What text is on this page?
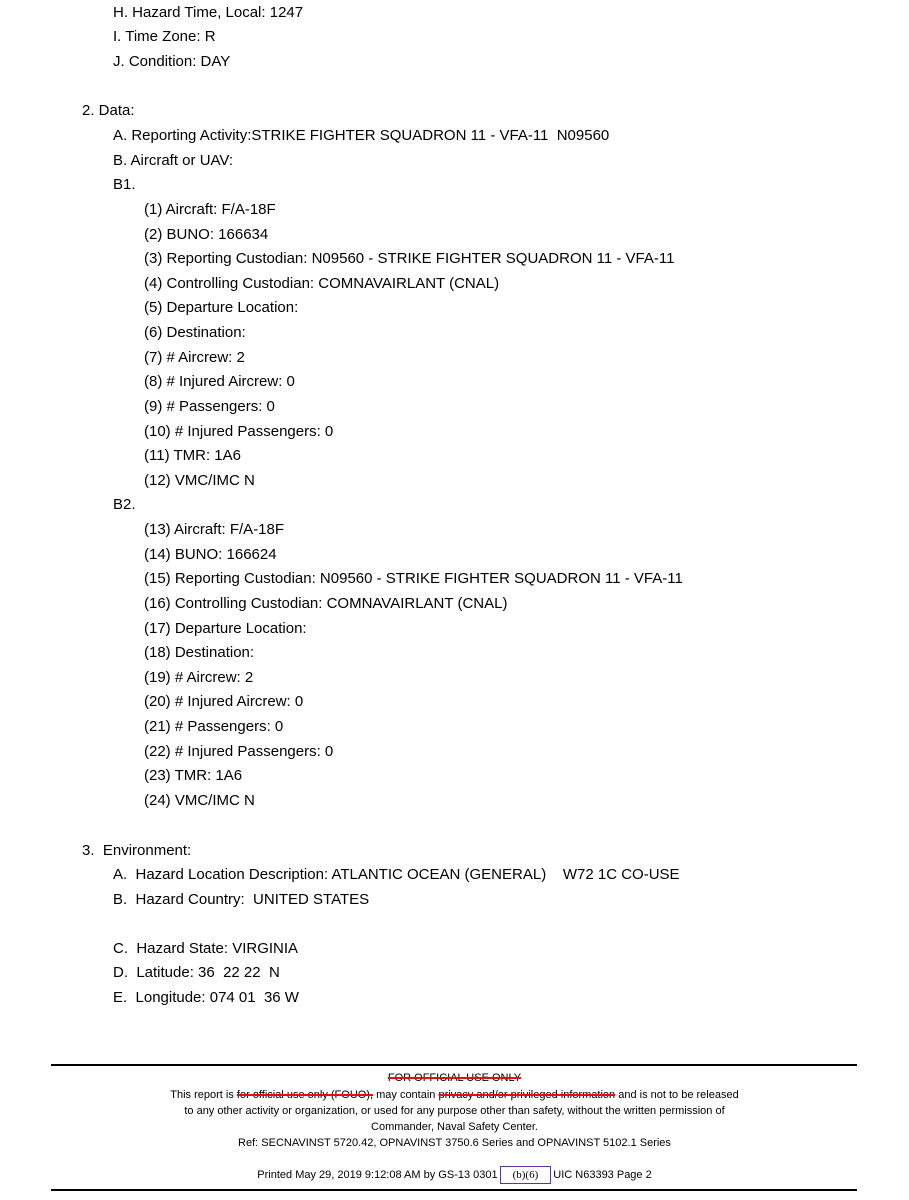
H. Hazard Time, Local: 1247
I. Time Zone: R
J. Condition: DAY
2. Data:
A. Reporting Activity:STRIKE FIGHTER SQUADRON 11 - VFA-11  N09560
B. Aircraft or UAV:
B1.
(1) Aircraft: F/A-18F
(2) BUNO: 166634
(3) Reporting Custodian: N09560 - STRIKE FIGHTER SQUADRON 11 - VFA-11
(4) Controlling Custodian: COMNAVAIRLANT (CNAL)
(5) Departure Location:
(6) Destination:
(7) # Aircrew: 2
(8) # Injured Aircrew: 0
(9) # Passengers: 0
(10) # Injured Passengers: 0
(11) TMR: 1A6
(12) VMC/IMC N
B2.
(13) Aircraft: F/A-18F
(14) BUNO: 166624
(15) Reporting Custodian: N09560 - STRIKE FIGHTER SQUADRON 11 - VFA-11
(16) Controlling Custodian: COMNAVAIRLANT (CNAL)
(17) Departure Location:
(18) Destination:
(19) # Aircrew: 2
(20) # Injured Aircrew: 0
(21) # Passengers: 0
(22) # Injured Passengers: 0
(23) TMR: 1A6
(24) VMC/IMC N
3.  Environment:
A.  Hazard Location Description: ATLANTIC OCEAN (GENERAL)    W72 1C CO-USE
B.  Hazard Country:  UNITED STATES
C.  Hazard State: VIRGINIA
D.  Latitude: 36  22 22  N
E.  Longitude: 074 01  36 W
FOR OFFICIAL USE ONLY
This report is for official use only (FOUO), may contain privacy and/or privileged information and is not to be released
to any other activity or organization, or used for any purpose other than safety, without the written permission of
Commander, Naval Safety Center.
Ref: SECNAVINST 5720.42, OPNAVINST 3750.6 Series and OPNAVINST 5102.1 Series
Printed May 29, 2019 9:12:08 AM by GS-13 0301 (b)(6) UIC N63393 Page 2
